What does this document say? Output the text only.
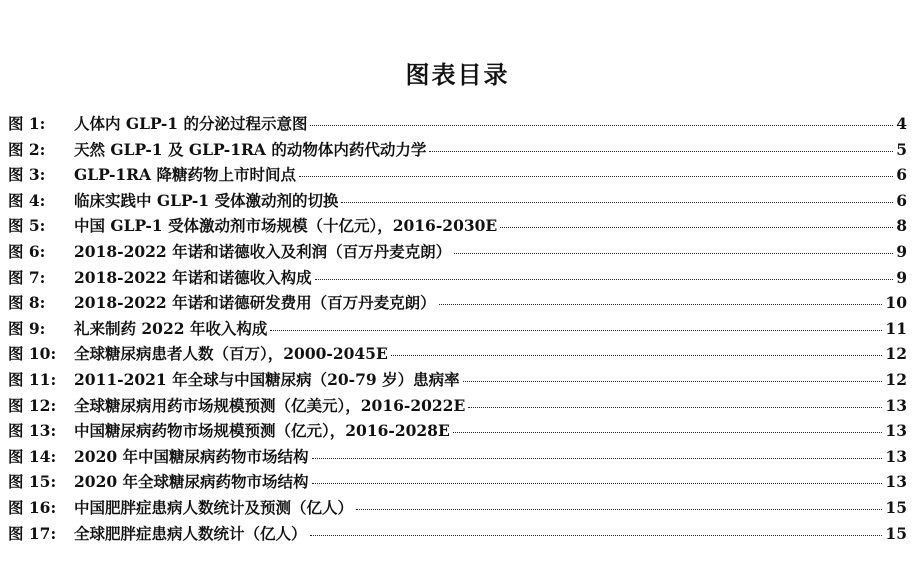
图表目录
图 1:	人体内 GLP-1 的分泌过程示意图	4
图 2:	天然 GLP-1 及 GLP-1RA 的动物体内药代动力学	5
图 3:	GLP-1RA 降糖药物上市时间点	6
图 4:	临床实践中 GLP-1 受体激动剂的切换	6
图 5:	中国 GLP-1 受体激动剂市场规模（十亿元），2016-2030E	8
图 6:	2018-2022 年诺和诺德收入及利润（百万丹麦克朗）	9
图 7:	2018-2022 年诺和诺德收入构成	9
图 8:	2018-2022 年诺和诺德研发费用（百万丹麦克朗）	10
图 9:	礼来制药 2022 年收入构成	11
图 10:	全球糖尿病患者人数（百万），2000-2045E	12
图 11:	2011-2021 年全球与中国糖尿病（20-79 岁）患病率	12
图 12:	全球糖尿病用药市场规模预测（亿美元），2016-2022E	13
图 13:	中国糖尿病药物市场规模预测（亿元），2016-2028E	13
图 14:	2020 年中国糖尿病药物市场结构	13
图 15:	2020 年全球糖尿病药物市场结构	13
图 16:	中国肥胖症患病人数统计及预测（亿人）	15
图 17:	全球肥胖症患病人数统计（亿人）	15
